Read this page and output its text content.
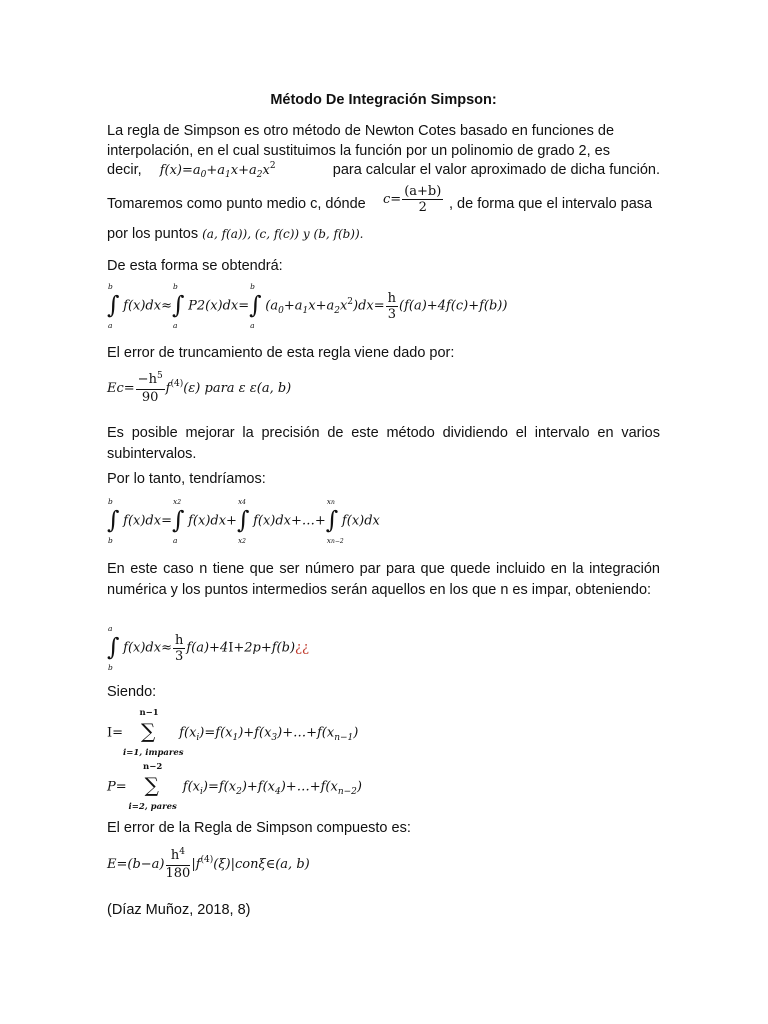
Método De Integración Simpson:
La regla de Simpson es otro método de Newton Cotes basado en funciones de
interpolación, en el cual sustituimos la función por un polinomio de grado 2, es
decir, $f(x)=a_0+a_1x+a_2x^2$	para calcular el valor aproximado de dicha función.
Tomaremos como punto medio c, dónde $c= \frac{(a+b)}{2}$ , de forma que el intervalo pasa
por los puntos (a, f(a)), (c, f(c)) y (b, f(b)).
De esta forma se obtendrá:
b
∫
a
f(x)dx≈
b
∫
a
P2(x)dx=
b
∫
a
$(a_0+a_1x+a_2x^2)dx= \frac{h}{3} (f(a)+4f(c)+f(b))$
El error de truncamiento de esta regla viene dado por:
$Ec= \frac{-h^5}{90} f^{(4)}(\varepsilon)$ para ε ε(a, b)
Es posible mejorar la precisión de este método dividiendo el intervalo en varios subintervalos.
Por lo tanto, tendríamos:
b
∫
b
f(x)dx=
x2
∫
a
f(x)dx+
x4
∫
x2
f(x)dx+…+
xn
∫
xn−2
f(x)dx
En este caso n tiene que ser número par para que quede incluido en la integración numérica y los puntos intermedios serán aquellos en los que n es impar, obteniendo:
a
∫
b
$f(x)dx\approx \frac{h}{3}$ f(a)+4I+2p+f(b)¿¿
Siendo:
I=
n−1
∑
i=1, impares
$f(x_i)=f(x_1)+f(x_3)+\dots+f(x_{n-1})$
P=
n−2
∑
i=2, pares
$f(x_i)=f(x_2)+f(x_4)+\dots+f(x_{n-2})$
El error de la Regla de Simpson compuesto es:
$E=(b-a) \frac{h^4}{180}$ $|f^{(4)}(\xi)|con\xi\in(a$, b)
(Díaz Muñoz, 2018, 8)
